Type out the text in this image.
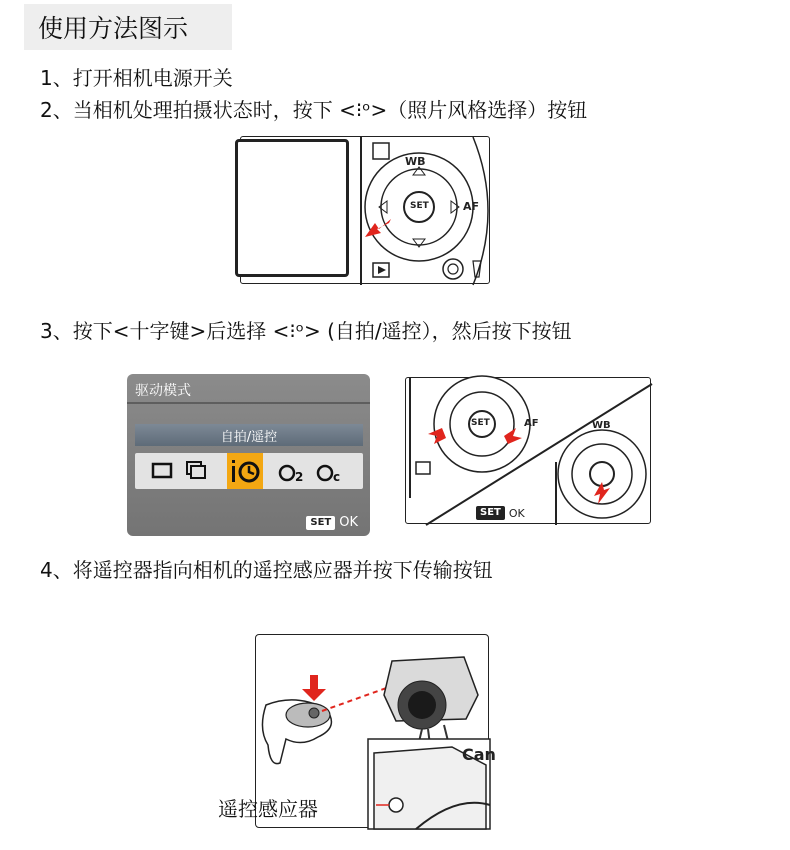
使用方法图示
1、打开相机电源开关
2、当相机处理拍摄状态时，按下 <⁝ᵒ>（照片风格选择）按钮
WB
SET	AF
3、按下<十字键>后选择 <⁝ᵒ> (自拍/遥控），然后按下按钮
驱动模式
自拍/遥控
2 c
SET OK
SET	AF	WB
SET OK
4、将遥控器指向相机的遥控感应器并按下传输按钮
Can
遥控感应器
